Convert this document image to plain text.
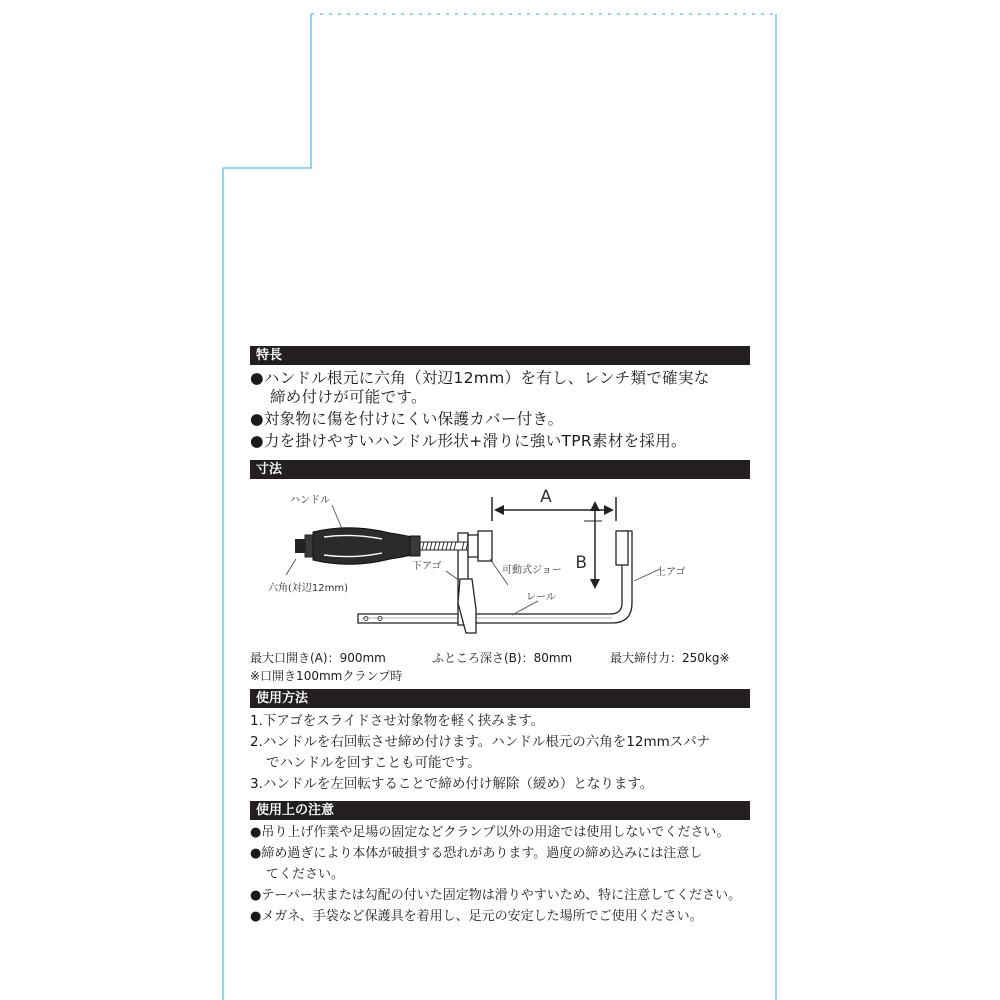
特長
●ハンドル根元に六角（対辺12mm）を有し、レンチ類で確実な
締め付けが可能です。
●対象物に傷を付けにくい保護カバー付き。
●力を掛けやすいハンドル形状+滑りに強いTPR素材を採用。
寸法
A
B
ハンドル
六角(対辺12mm)
下アゴ	可動式ジョー
レール
上アゴ
最大口開き(A)：900mm	ふところ深さ(B)：80mm	最大締付力：250kg※
※口開き100mmクランプ時
使用方法
1.下アゴをスライドさせ対象物を軽く挟みます。
2.ハンドルを右回転させ締め付けます。ハンドル根元の六角を12mmスパナ
でハンドルを回すことも可能です。
3.ハンドルを左回転することで締め付け解除（緩め）となります。
使用上の注意
●吊り上げ作業や足場の固定などクランプ以外の用途では使用しないでください。
●締め過ぎにより本体が破損する恐れがあります。過度の締め込みには注意し
てください。
●テーパー状または勾配の付いた固定物は滑りやすいため、特に注意してください。
●メガネ、手袋など保護具を着用し、足元の安定した場所でご使用ください。
